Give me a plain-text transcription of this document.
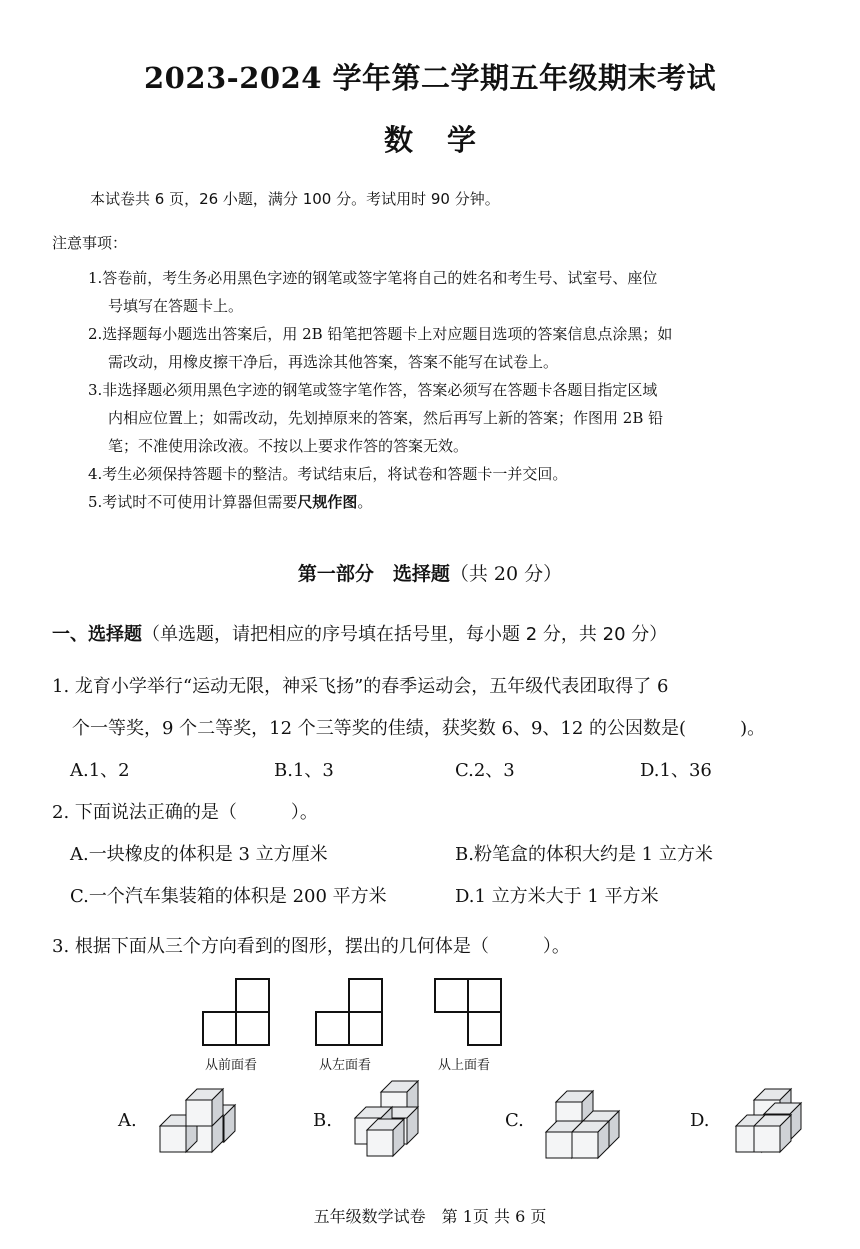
2023-2024 学年第二学期五年级期末考试
数学
本试卷共 6 页，26 小题，满分 100 分。考试用时 90 分钟。
注意事项：
1.答卷前，考生务必用黑色字迹的钢笔或签字笔将自己的姓名和考生号、试室号、座位
号填写在答题卡上。
2.选择题每小题选出答案后，用 2B 铅笔把答题卡上对应题目选项的答案信息点涂黑；如
需改动，用橡皮擦干净后，再选涂其他答案，答案不能写在试卷上。
3.非选择题必须用黑色字迹的钢笔或签字笔作答，答案必须写在答题卡各题目指定区域
内相应位置上；如需改动，先划掉原来的答案，然后再写上新的答案；作图用 2B 铅
笔；不准使用涂改液。不按以上要求作答的答案无效。
4.考生必须保持答题卡的整洁。考试结束后，将试卷和答题卡一并交回。
5.考试时不可使用计算器但需要尺规作图。
第一部分　选择题（共 20 分）
一、选择题（单选题，请把相应的序号填在括号里，每小题 2 分，共 20 分）
1. 龙育小学举行“运动无限，神采飞扬”的春季运动会，五年级代表团取得了 6
个一等奖，9 个二等奖，12 个三等奖的佳绩，获奖数 6、9、12 的公因数是(　　　)。
A.1、2	B.1、3	C.2、3	D.1、36
2. 下面说法正确的是（　　　）。
A.一块橡皮的体积是 3 立方厘米	B.粉笔盒的体积大约是 1 立方米
C.一个汽车集装箱的体积是 200 平方米	D.1 立方米大于 1 平方米
3. 根据下面从三个方向看到的图形，摆出的几何体是（　　　）。
从前面看	从左面看	从上面看
A.	B.	C.	D.
五年级数学试卷　第 1页 共 6 页
